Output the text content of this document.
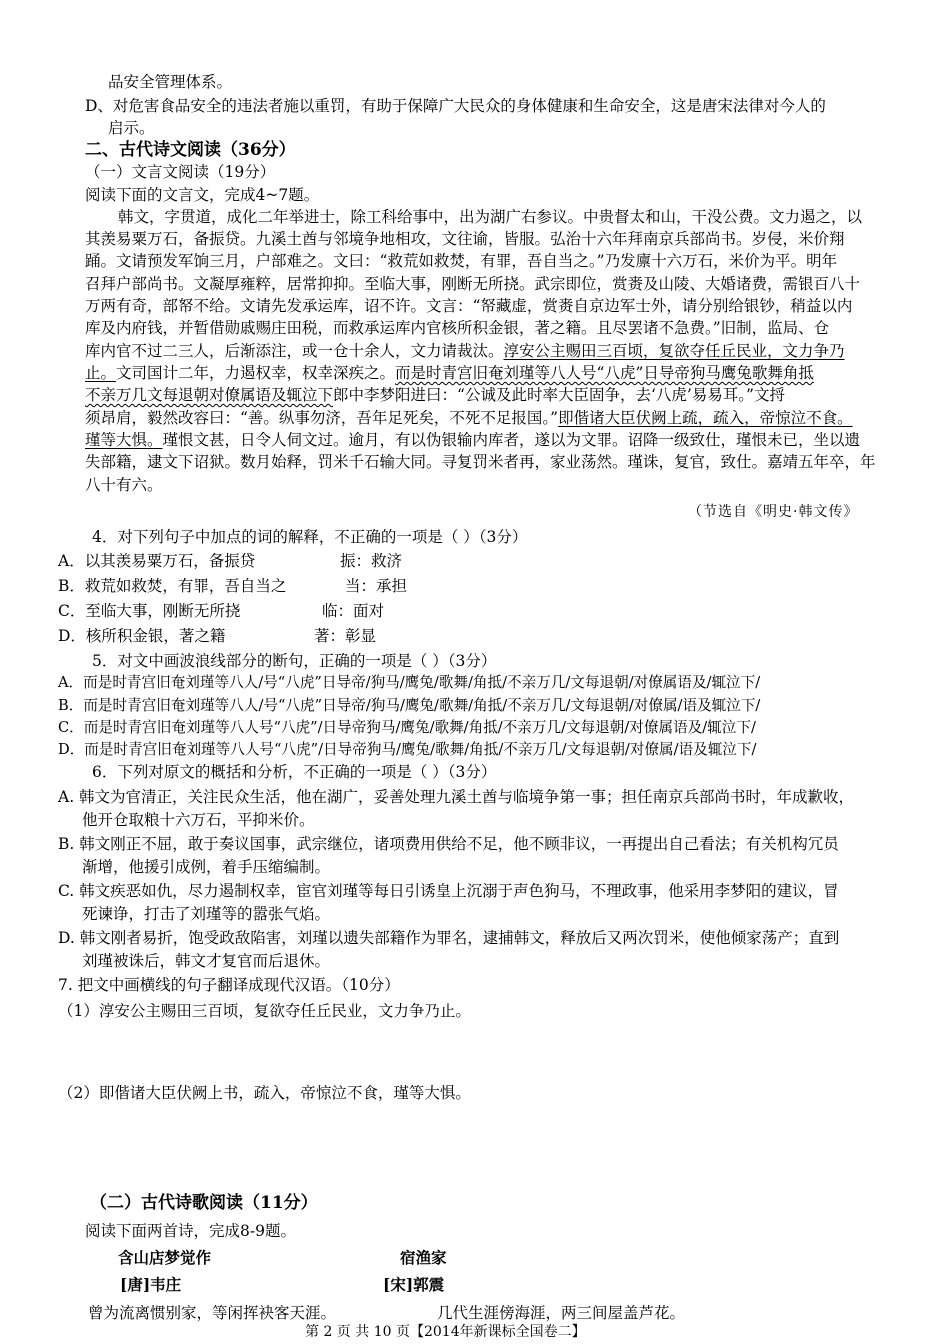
品安全管理体系。
D、对危害食品安全的违法者施以重罚，有助于保障广大民众的身体健康和生命安全，这是唐宋法律对今人的
启示。
二、古代诗文阅读（36分）
（一）文言文阅读（19分）
阅读下面的文言文，完成4~7题。
韩文，字贯道，成化二年举进士，除工科给事中，出为湖广右参议。中贵督太和山，干没公费。文力遏之，以
其羡易粟万石，备振贷。九溪土酋与邻境争地相攻，文往谕，皆服。弘治十六年拜南京兵部尚书。岁侵，米价翔
踊。文请预发军饷三月，户部难之。文曰：“救荒如救焚，有罪，吾自当之。”乃发廪十六万石，米价为平。明年
召拜户部尚书。文凝厚雍粹，居常抑抑。至临大事，刚断无所挠。武宗即位，赏赉及山陵、大婚诸费，需银百八十
万两有奇，部帑不给。文请先发承运库，诏不许。文言：“帑藏虚，赏赉自京边军士外，请分别给银钞，稍益以内
库及内府钱，并暂借勋戚赐庄田税，而救承运库内官核所积金银，著之籍。且尽罢诸不急费。”旧制，监局、仓
库内官不过二三人，后渐添注，或一仓十余人，文力请裁汰。淳安公主赐田三百顷，复欲夺任丘民业，文力争乃
止。文司国计二年，力遏权幸，权幸深疾之。而是时青宫旧奄刘瑾等八人号“八虎”日导帝狗马鹰兔歌舞角抵
不亲万几文每退朝对僚属语及辄泣下郎中李梦阳进曰：“公诚及此时率大臣固争，去‘八虎’易易耳。”文捋
须昂肩，毅然改容曰：“善。纵事勿济，吾年足死矣，不死不足报国。”即偕诸大臣伏阙上疏，疏入，帝惊泣不食。
瑾等大惧。瑾恨文甚，日令人伺文过。逾月，有以伪银输内库者，遂以为文罪。诏降一级致仕，瑾恨未已，坐以遗
失部籍，逮文下诏狱。数月始释，罚米千石输大同。寻复罚米者再，家业荡然。瑾诛，复官，致仕。嘉靖五年卒，年
八十有六。
（节选自《明史·韩文传》
4．对下列句子中加点的词的解释，不正确的一项是（ ）（3分）
A．以其羡易粟万石，备振贷	振：救济
B．救荒如救焚，有罪，吾自当之	当：承担
C．至临大事，刚断无所挠	临：面对
D．核所积金银，著之籍	著：彰显
5．对文中画波浪线部分的断句，正确的一项是（ ）（3分）
A．而是时青宫旧奄刘瑾等八人/号“八虎”日导帝/狗马/鹰兔/歌舞/角抵/不亲万几/文每退朝/对僚属语及/辄泣下/
B．而是时青宫旧奄刘瑾等八人/号“八虎”日导帝/狗马/鹰兔/歌舞/角抵/不亲万几/文每退朝/对僚属/语及辄泣下/
C．而是时青宫旧奄刘瑾等八人号“八虎”/日导帝狗马/鹰兔/歌舞/角抵/不亲万几/文每退朝/对僚属语及/辄泣下/
D．而是时青宫旧奄刘瑾等八人号“八虎”/日导帝狗马/鹰兔/歌舞/角抵/不亲万几/文每退朝/对僚属/语及辄泣下/
6．下列对原文的概括和分析，不正确的一项是（ ）（3分）
A. 韩文为官清正，关注民众生活，他在湖广，妥善处理九溪土酋与临境争第一事；担任南京兵部尚书时，年成歉收，
他开仓取粮十六万石，平抑米价。
B. 韩文刚正不屈，敢于奏议国事，武宗继位，诸项费用供给不足，他不顾非议，一再提出自己看法；有关机构冗员
渐增，他援引成例，着手压缩编制。
C. 韩文疾恶如仇，尽力遏制权幸，宦官刘瑾等每日引诱皇上沉溺于声色狗马，不理政事，他采用李梦阳的建议，冒
死谏诤，打击了刘瑾等的嚣张气焰。
D. 韩文刚者易折，饱受政敌陷害，刘瑾以遗失部籍作为罪名，逮捕韩文，释放后又两次罚米，使他倾家荡产；直到
刘瑾被诛后，韩文才复官而后退休。
7. 把文中画横线的句子翻译成现代汉语。（10分）
（1）淳安公主赐田三百顷，复欲夺任丘民业，文力争乃止。
（2）即偕诸大臣伏阙上书，疏入，帝惊泣不食，瑾等大惧。
（二）古代诗歌阅读（11分）
阅读下面两首诗，完成8-9题。
含山店梦觉作	宿渔家
[唐]韦庄	[宋]郭震
曾为流离惯别家，等闲挥袂客天涯。	几代生涯傍海涯，两三间屋盖芦花。
第 2 页 共 10 页【2014年新课标全国卷二】
